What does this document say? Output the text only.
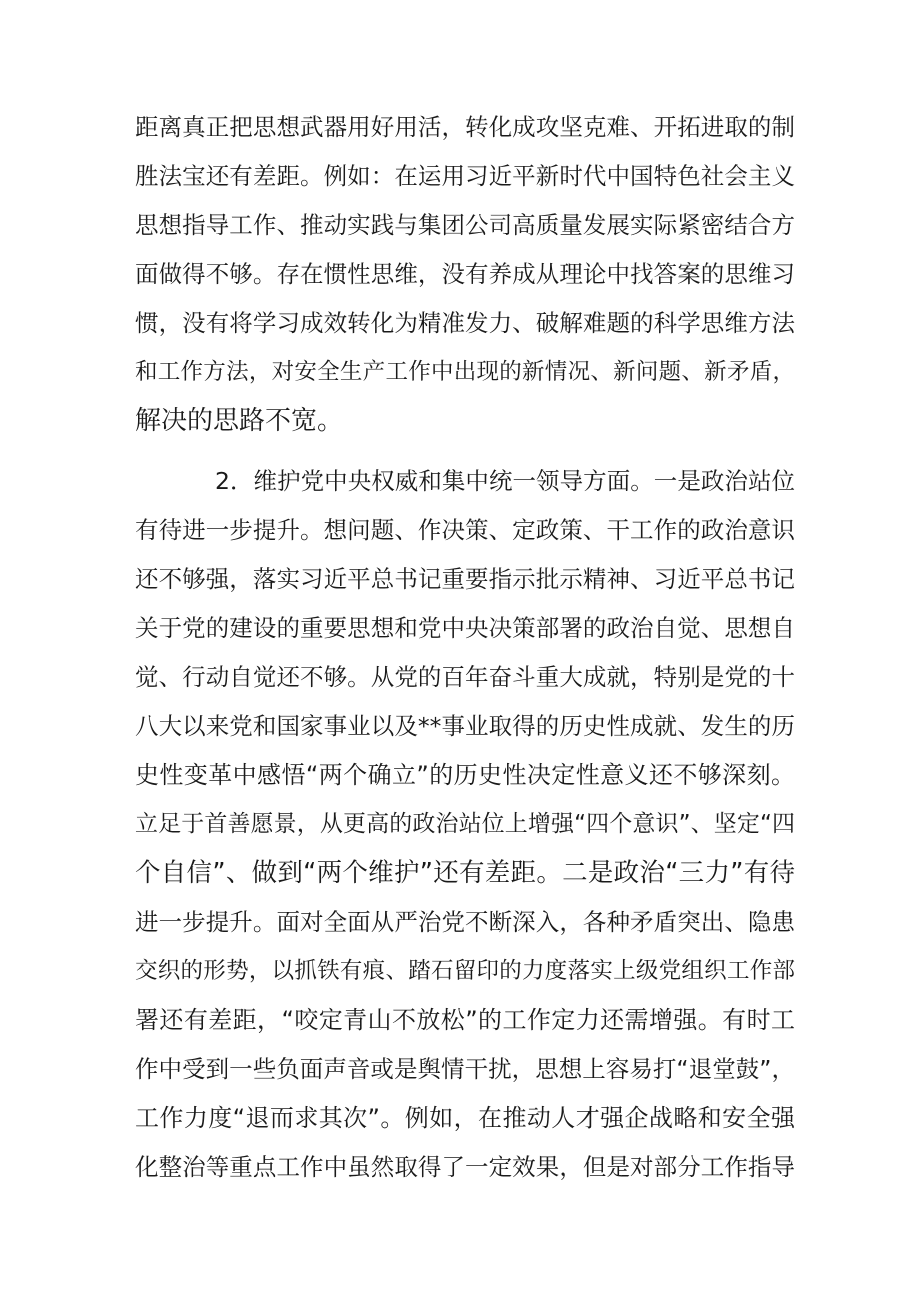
距离真正把思想武器用好用活，转化成攻坚克难、开拓进取的制
胜法宝还有差距。例如：在运用习近平新时代中国特色社会主义
思想指导工作、推动实践与集团公司高质量发展实际紧密结合方
面做得不够。存在惯性思维，没有养成从理论中找答案的思维习
惯，没有将学习成效转化为精准发力、破解难题的科学思维方法
和工作方法，对安全生产工作中出现的新情况、新问题、新矛盾，
解决的思路不宽。
2．维护党中央权威和集中统一领导方面。一是政治站位
有待进一步提升。想问题、作决策、定政策、干工作的政治意识
还不够强，落实习近平总书记重要指示批示精神、习近平总书记
关于党的建设的重要思想和党中央决策部署的政治自觉、思想自
觉、行动自觉还不够。从党的百年奋斗重大成就，特别是党的十
八大以来党和国家事业以及**事业取得的历史性成就、发生的历
史性变革中感悟“两个确立”的历史性决定性意义还不够深刻。
立足于首善愿景，从更高的政治站位上增强“四个意识”、坚定“四
个自信”、做到“两个维护”还有差距。二是政治“三力”有待
进一步提升。面对全面从严治党不断深入，各种矛盾突出、隐患
交织的形势，以抓铁有痕、踏石留印的力度落实上级党组织工作部
署还有差距，“咬定青山不放松”的工作定力还需增强。有时工
作中受到一些负面声音或是舆情干扰，思想上容易打“退堂鼓”，
工作力度“退而求其次”。例如，在推动人才强企战略和安全强
化整治等重点工作中虽然取得了一定效果，但是对部分工作指导
